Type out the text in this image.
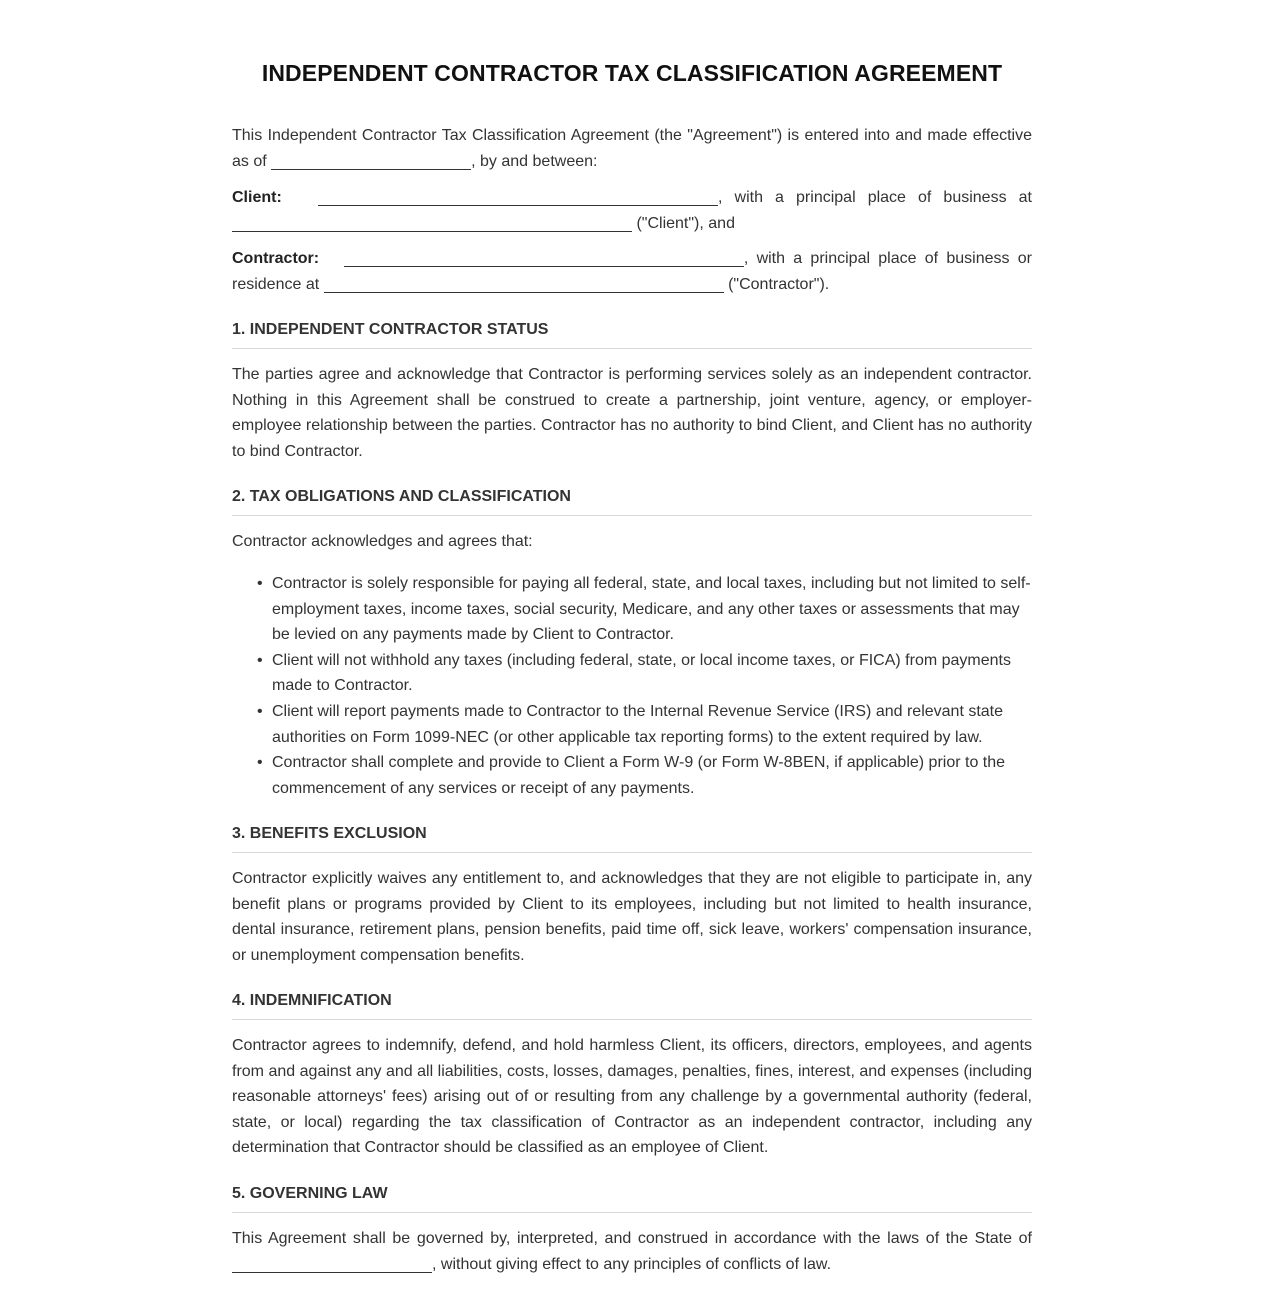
INDEPENDENT CONTRACTOR TAX CLASSIFICATION AGREEMENT

This Independent Contractor Tax Classification Agreement (the "Agreement") is entered into and made effective as of	, by and between:

Client:	, with a principal place of business at  ("Client"), and

Contractor:	, with a principal place of business or residence at	("Contractor").

1. INDEPENDENT CONTRACTOR STATUS

The parties agree and acknowledge that Contractor is performing services solely as an independent contractor. Nothing in this Agreement shall be construed to create a partnership, joint venture, agency, or employer-employee relationship between the parties. Contractor has no authority to bind Client, and Client has no authority to bind Contractor.

2. TAX OBLIGATIONS AND CLASSIFICATION

Contractor acknowledges and agrees that:

• Contractor is solely responsible for paying all federal, state, and local taxes, including but not limited to self-employment taxes, income taxes, social security, Medicare, and any other taxes or assessments that may be levied on any payments made by Client to Contractor.
• Client will not withhold any taxes (including federal, state, or local income taxes, or FICA) from payments made to Contractor.
• Client will report payments made to Contractor to the Internal Revenue Service (IRS) and relevant state authorities on Form 1099-NEC (or other applicable tax reporting forms) to the extent required by law.
• Contractor shall complete and provide to Client a Form W-9 (or Form W-8BEN, if applicable) prior to the commencement of any services or receipt of any payments.
3. BENEFITS EXCLUSION

Contractor explicitly waives any entitlement to, and acknowledges that they are not eligible to participate in, any benefit plans or programs provided by Client to its employees, including but not limited to health insurance, dental insurance, retirement plans, pension benefits, paid time off, sick leave, workers' compensation insurance, or unemployment compensation benefits.

4. INDEMNIFICATION

Contractor agrees to indemnify, defend, and hold harmless Client, its officers, directors, employees, and agents from and against any and all liabilities, costs, losses, damages, penalties, fines, interest, and expenses (including reasonable attorneys' fees) arising out of or resulting from any challenge by a governmental authority (federal, state, or local) regarding the tax classification of Contractor as an independent contractor, including any determination that Contractor should be classified as an employee of Client.

5. GOVERNING LAW

This Agreement shall be governed by, interpreted, and construed in accordance with the laws of the State of , without giving effect to any principles of conflicts of law.
